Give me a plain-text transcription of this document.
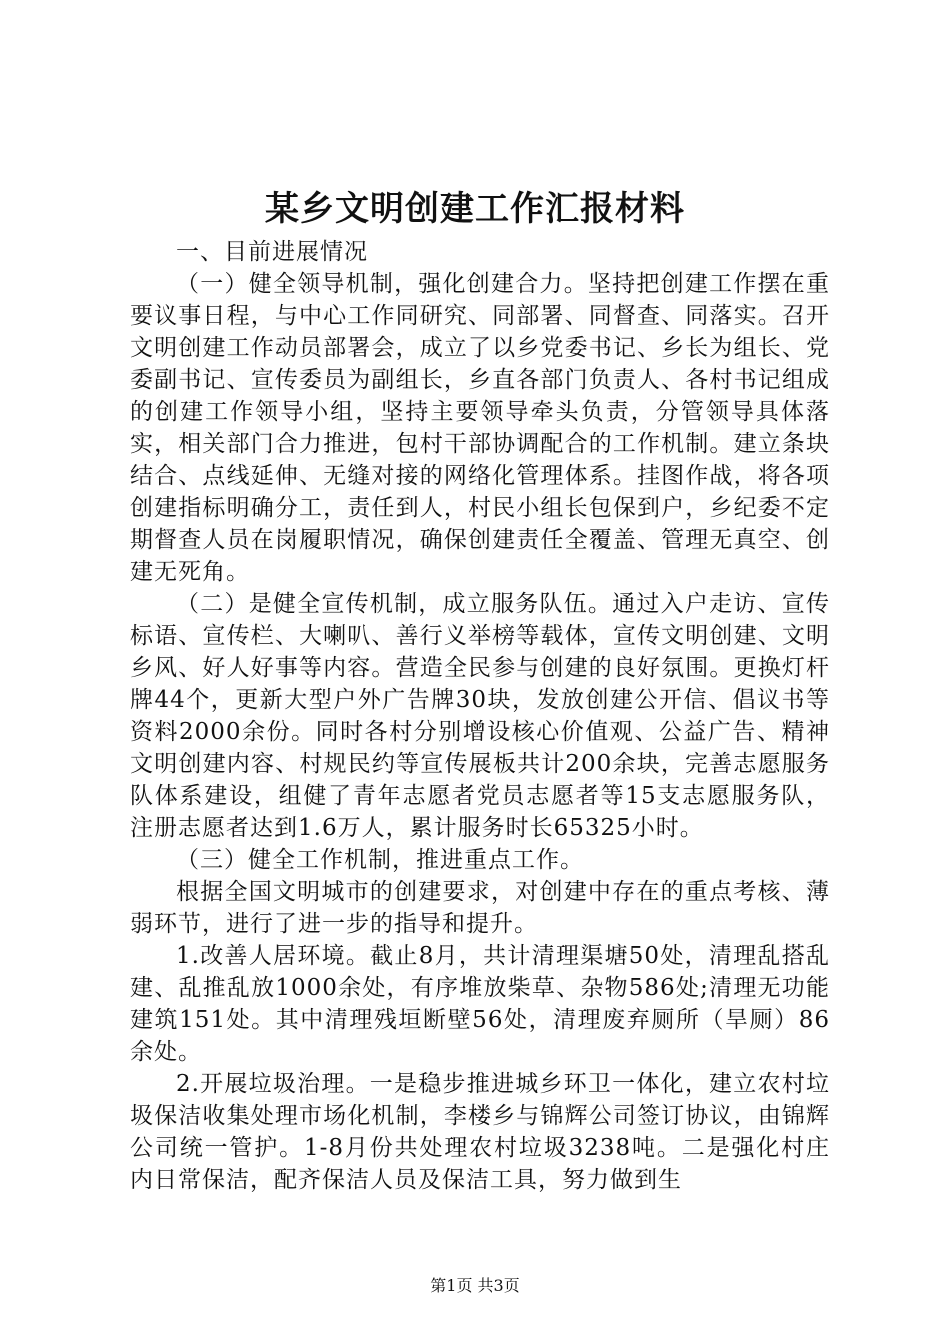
某乡文明创建工作汇报材料

一、目前进展情况

（一）健全领导机制，强化创建合力。坚持把创建工作摆在重要议事日程，与中心工作同研究、同部署、同督查、同落实。召开文明创建工作动员部署会，成立了以乡党委书记、乡长为组长、党委副书记、宣传委员为副组长，乡直各部门负责人、各村书记组成的创建工作领导小组，坚持主要领导牵头负责，分管领导具体落实，相关部门合力推进，包村干部协调配合的工作机制。建立条块结合、点线延伸、无缝对接的网络化管理体系。挂图作战，将各项创建指标明确分工，责任到人，村民小组长包保到户，乡纪委不定期督查人员在岗履职情况，确保创建责任全覆盖、管理无真空、创建无死角。

（二）是健全宣传机制，成立服务队伍。通过入户走访、宣传标语、宣传栏、大喇叭、善行义举榜等载体，宣传文明创建、文明乡风、好人好事等内容。营造全民参与创建的良好氛围。更换灯杆牌44个，更新大型户外广告牌30块，发放创建公开信、倡议书等资料2000余份。同时各村分别增设核心价值观、公益广告、精神文明创建内容、村规民约等宣传展板共计200余块，完善志愿服务队体系建设，组健了青年志愿者党员志愿者等15支志愿服务队，注册志愿者达到1.6万人，累计服务时长65325小时。

（三）健全工作机制，推进重点工作。

根据全国文明城市的创建要求，对创建中存在的重点考核、薄弱环节，进行了进一步的指导和提升。

1.改善人居环境。截止8月，共计清理渠塘50处，清理乱搭乱建、乱推乱放1000余处，有序堆放柴草、杂物586处;清理无功能建筑151处。其中清理残垣断壁56处，清理废弃厕所（旱厕）86余处。

2.开展垃圾治理。一是稳步推进城乡环卫一体化，建立农村垃圾保洁收集处理市场化机制，李楼乡与锦辉公司签订协议，由锦辉公司统一管护。1-8月份共处理农村垃圾3238吨。二是强化村庄内日常保洁，配齐保洁人员及保洁工具，努力做到生

第1页 共3页
